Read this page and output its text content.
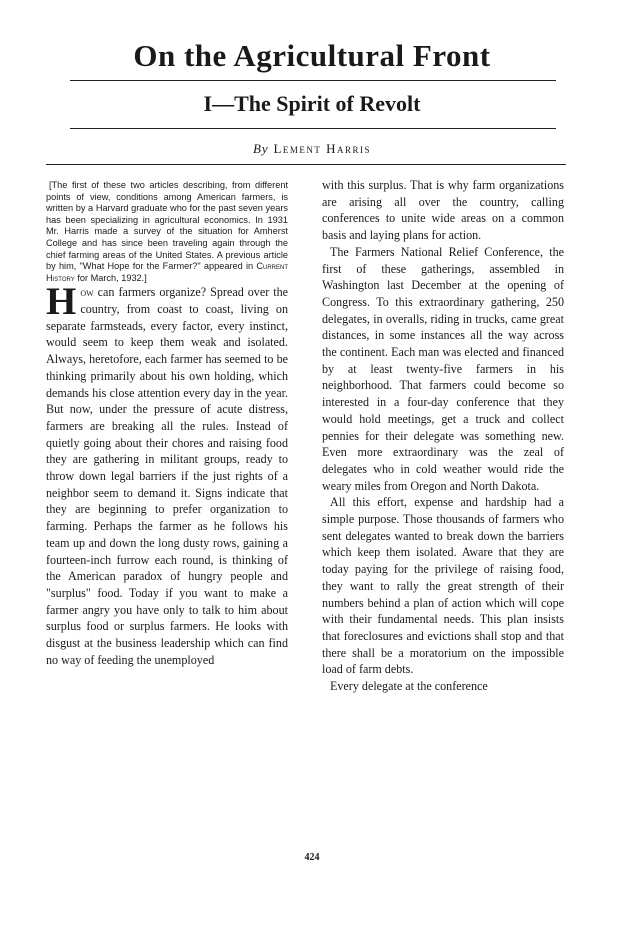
On the Agricultural Front
I—The Spirit of Revolt
By Lement Harris

[The first of these two articles describing, from different points of view, conditions among American farmers, is written by a Harvard graduate who for the past seven years has been specializing in agricultural economics. In 1931 Mr. Harris made a survey of the situation for Amherst College and has since been traveling again through the chief farming areas of the United States. A previous article by him, "What Hope for the Farmer?" appeared in Current History for March, 1932.]

How can farmers organize? Spread over the country, from coast to coast, living on separate farmsteads, every factor, every instinct, would seem to keep them weak and isolated. Always, heretofore, each farmer has seemed to be thinking primarily about his own holding, which demands his close attention every day in the year. But now, under the pressure of acute distress, farmers are breaking all the rules. Instead of quietly going about their chores and raising food they are gathering in militant groups, ready to throw down legal barriers if the just rights of a neighbor seem to demand it. Signs indicate that they are beginning to prefer organization to farming. Perhaps the farmer as he follows his team up and down the long dusty rows, gaining a fourteen-inch furrow each round, is thinking of the American paradox of hungry people and "surplus" food. Today if you want to make a farmer angry you have only to talk to him about surplus food or surplus farmers. He looks with disgust at the business leadership which can find no way of feeding the unemployed

with this surplus. That is why farm organizations are arising all over the country, calling conferences to unite wide areas on a common basis and laying plans for action.

The Farmers National Relief Conference, the first of these gatherings, assembled in Washington last December at the opening of Congress. To this extraordinary gathering, 250 delegates, in overalls, riding in trucks, came great distances, in some instances all the way across the continent. Each man was elected and financed by at least twenty-five farmers in his neighborhood. That farmers could become so interested in a four-day conference that they would hold meetings, get a truck and collect pennies for their delegate was something new. Even more extraordinary was the zeal of delegates who in cold weather would ride the weary miles from Oregon and North Dakota.

All this effort, expense and hardship had a simple purpose. Those thousands of farmers who sent delegates wanted to break down the barriers which keep them isolated. Aware that they are today paying for the privilege of raising food, they want to rally the great strength of their numbers behind a plan of action which will cope with their fundamental needs. This plan insists that foreclosures and evictions shall stop and that there shall be a moratorium on the impossible load of farm debts.

Every delegate at the conference

424
